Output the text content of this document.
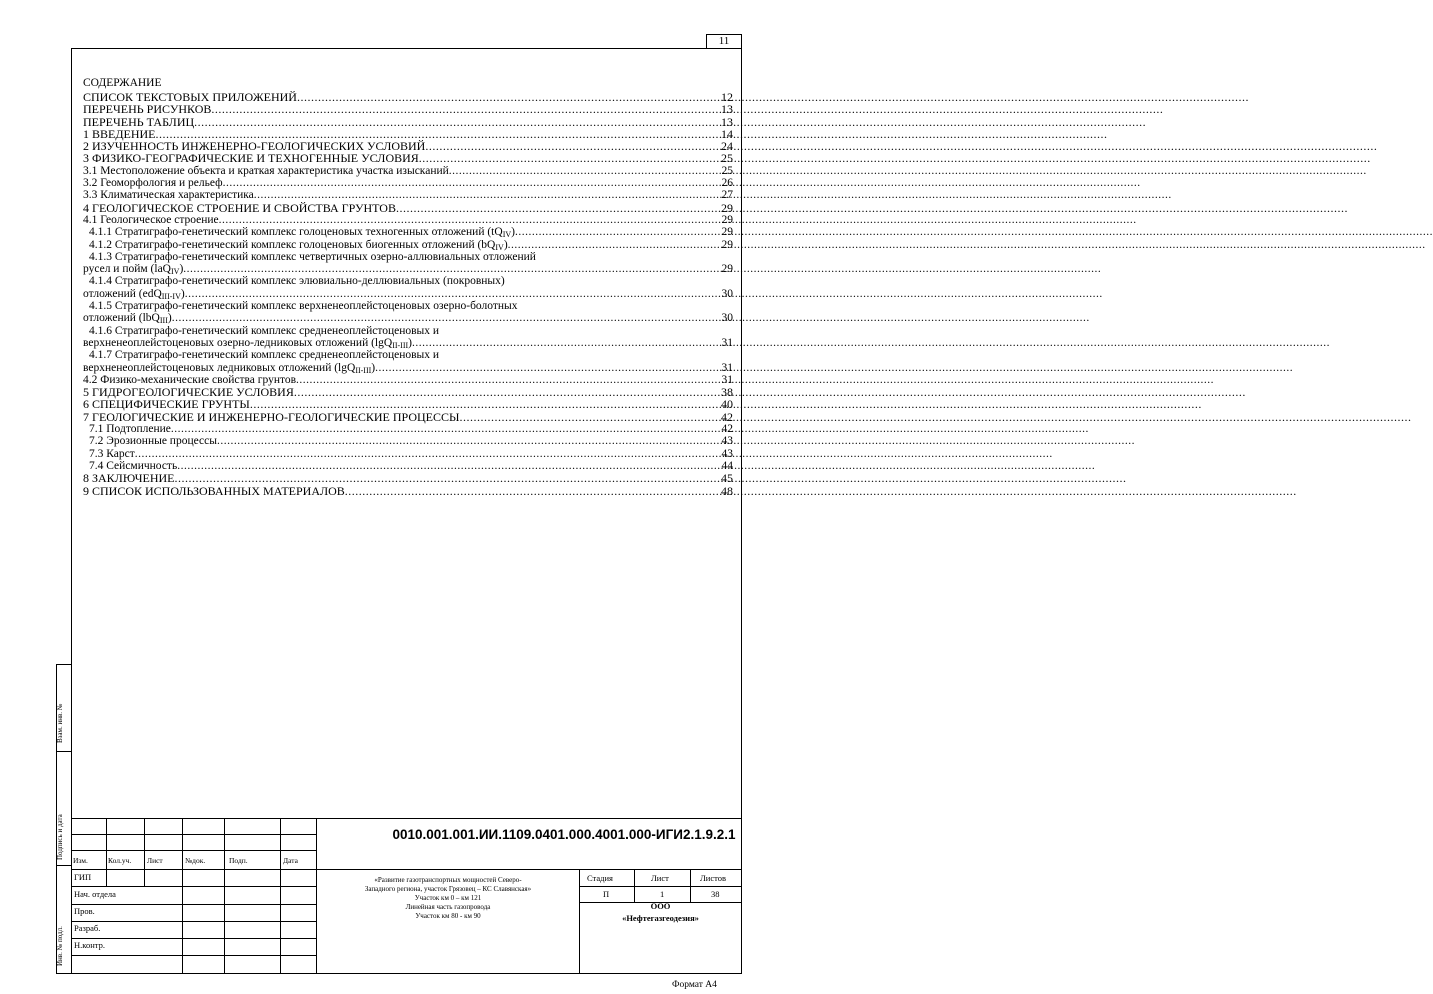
11
СОДЕРЖАНИЕ
СПИСОК ТЕКСТОВЫХ ПРИЛОЖЕНИЙ .....	12
ПЕРЕЧЕНЬ РИСУНКОВ .....	13
ПЕРЕЧЕНЬ ТАБЛИЦ .....	13
1 ВВЕДЕНИЕ .....	14
2 ИЗУЧЕННОСТЬ ИНЖЕНЕРНО-ГЕОЛОГИЧЕСКИХ УСЛОВИЙ .....	24
3 ФИЗИКО-ГЕОГРАФИЧЕСКИЕ И ТЕХНОГЕННЫЕ УСЛОВИЯ .....	25
3.1 Местоположение объекта и краткая характеристика участка изысканий .....	25
3.2 Геоморфология и рельеф .....	26
3.3 Климатическая характеристика .....	27
4 ГЕОЛОГИЧЕСКОЕ СТРОЕНИЕ И СВОЙСТВА ГРУНТОВ .....	29
4.1 Геологическое строение .....	29
4.1.1 Стратиграфо-генетический комплекс голоценовых техногенных отложений $(tQ_{IV})$ .....	29
4.1.2 Стратиграфо-генетический комплекс голоценовых биогенных отложений $(bQ_{IV})$ .....	29
4.1.3 Стратиграфо-генетический комплекс четвертичных озерно-аллювиальных отложений
русел и пойм (laQ$_{IV}$) .....	29
4.1.4 Стратиграфо-генетический комплекс элювиально-деллювиальных (покровных)
отложений (edQ$_{III-IV}$) .....	30
4.1.5 Стратиграфо-генетический комплекс верхненеоплейстоценовых озерно-болотных
отложений (lbQ$_{III}$) .....	30
4.1.6 Стратиграфо-генетический комплекс средненеоплейстоценовых и
верхненеоплейстоценовых озерно-ледниковых отложений (lgQ$_{II-III}$) .....	31
4.1.7 Стратиграфо-генетический комплекс средненеоплейстоценовых и
верхненеоплейстоценовых ледниковых отложений (lgQ$_{II-III}$) .....	31
4.2 Физико-механические свойства грунтов .....	31
5 ГИДРОГЕОЛОГИЧЕСКИЕ УСЛОВИЯ .....	38
6 СПЕЦИФИЧЕСКИЕ ГРУНТЫ .....	40
7 ГЕОЛОГИЧЕСКИЕ И ИНЖЕНЕРНО-ГЕОЛОГИЧЕСКИЕ ПРОЦЕССЫ .....	42
7.1 Подтопление .....	42
7.2 Эрозионные процессы .....	43
7.3 Карст .....	43
7.4 Сейсмичность .....	44
8 ЗАКЛЮЧЕНИЕ .....	45
9 СПИСОК ИСПОЛЬЗОВАННЫХ МАТЕРИАЛОВ .....	48
Взам. инв. №
Подпись и дата
Инв. № подл.
Изм.	Кол.уч. Лист	№док.	Подп.	Дата
ГИП
Нач. отдела
Пров.
Разраб.
Н.контр.
0010.001.001.ИИ.1109.0401.000.4001.000-ИГИ2.1.9.2.1
«Развитие газотранспортных мощностей Северо-
Западного региона, участок Грязовец – КС Славянская»
Участок км 0 – км 121
Линейная часть газопровода
Участок км 80 - км 90
Стадия	Лист	Листов
П	1	38
ООО
«Нефтегазгеодезия»
Формат А4
